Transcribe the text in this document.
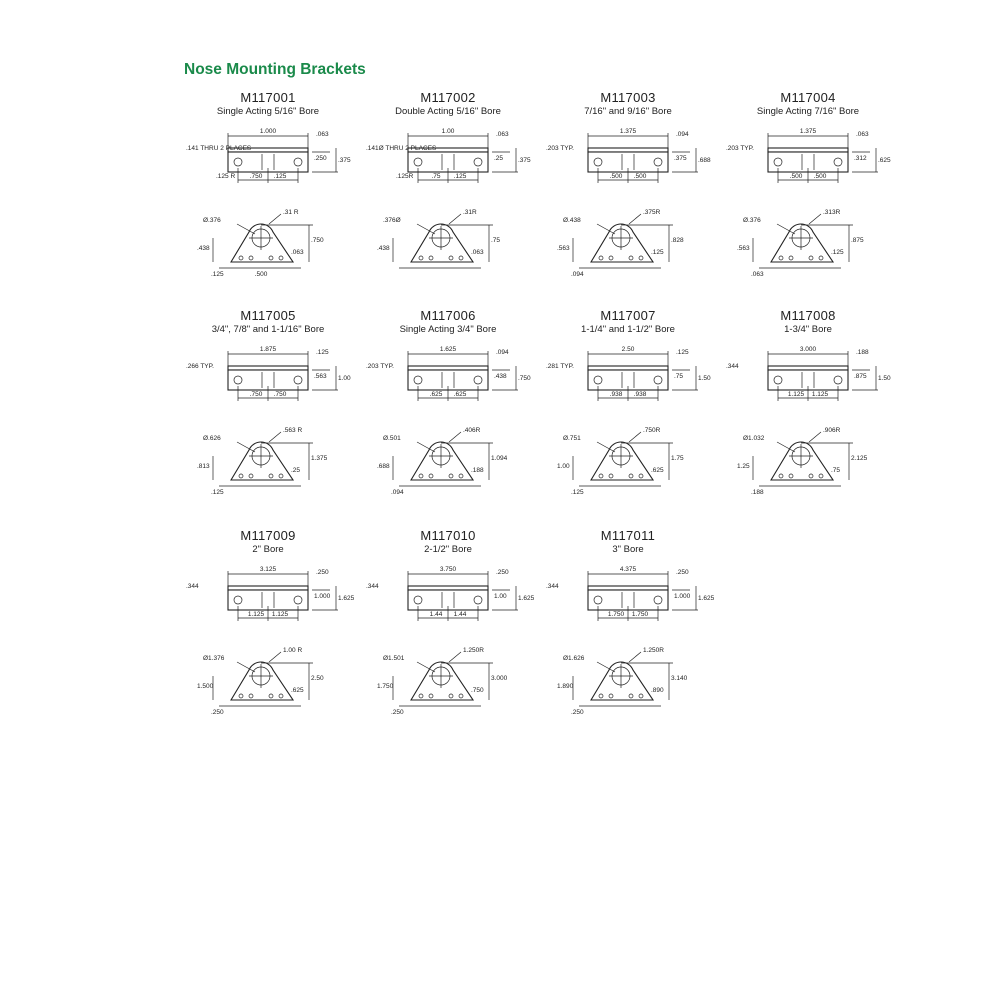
Nose Mounting Brackets
M117001
Single Acting 5/16" Bore
1.000	.063
.250 .375
.141 THRU 2 PLACES
.125 R .750 .125
Ø.376
.31 R
.750
.438
.063
.125	.500
M117002
Double Acting 5/16" Bore
1.00	.063
.25 .375
.141Ø THRU 2 PLACES
.125R	.75 .125
.376Ø
.31R
.75
.438
.063
M117003
7/16" and 9/16" Bore
1.375	.094
.375 .688
.203 TYP.
.500 .500
Ø.438
.375R
.828
.563
.125
.094
M117004
Single Acting 7/16" Bore
1.375	.063
.312 .625
.203 TYP.
.500 .500
Ø.376
.313R
.875
.563
.125
.063
M117005
3/4", 7/8" and 1-1/16" Bore
1.875	.125
.563 1.00
.266 TYP.
.750 .750
Ø.626
.563 R
1.375
.813
.25
.125
M117006
Single Acting 3/4" Bore
1.625	.094
.438 .750
.203 TYP.
.625 .625
Ø.501
.406R
1.094
.688
.188
.094
M117007
1-1/4" and 1-1/2" Bore
2.50	.125
.75 1.50
.281 TYP.
.938 .938
Ø.751
.750R
1.75
1.00
.625
.125
M117008
1-3/4" Bore
3.000	.188
.875 1.50
.344
1.125 1.125
Ø1.032
.906R
2.125
1.25
.75
.188
M117009
2" Bore
3.125	.250
1.000 1.625
.344
1.125 1.125
Ø1.376
1.00 R
2.50
1.500
.625
.250
M117010
2-1/2" Bore
3.750	.250
1.00 1.625
.344
1.44 1.44
Ø1.501
1.250R
3.000
1.750
.750
.250
M117011
3" Bore
4.375	.250
1.000 1.625
.344
1.750 1.750
Ø1.626
1.250R
3.140
1.890
.890
.250
